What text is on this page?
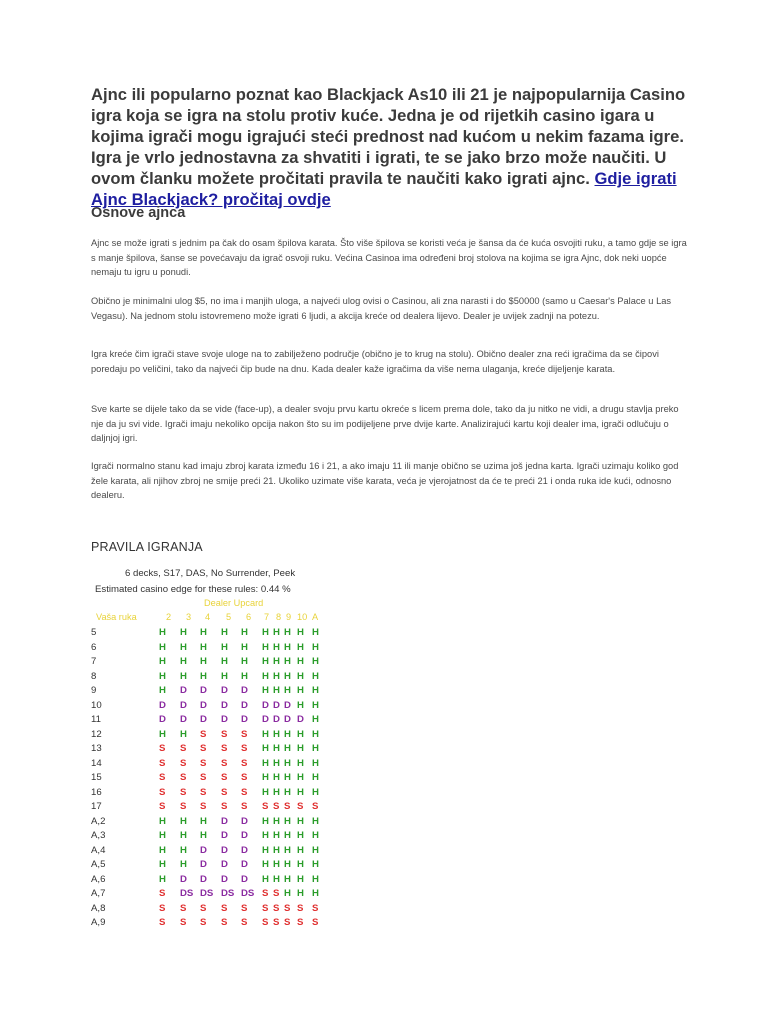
Ajnc ili popularno poznat kao Blackjack As10 ili 21 je najpopularnija Casino igra koja se igra na stolu protiv kuće. Jedna je od rijetkih casino igara u kojima igrači mogu igrajući steći prednost nad kućom u nekim fazama igre. Igra je vrlo jednostavna za shvatiti i igrati, te se jako brzo može naučiti. U ovom članku možete pročitati pravila te naučiti kako igrati ajnc. Gdje igrati Ajnc Blackjack? pročitaj ovdje
Osnove ajnca
Ajnc se može igrati s jednim pa čak do osam špilova karata. Što više špilova se koristi veća je šansa da će kuća osvojiti ruku, a tamo gdje se igra s manje špilova, šanse se povećavaju da igrač osvoji ruku. Većina Casinoa ima određeni broj stolova na kojima se igra Ajnc, dok neki uopće nemaju tu igru u ponudi.
Obično je minimalni ulog $5, no ima i manjih uloga, a najveći ulog ovisi o Casinou, ali zna narasti i do $50000 (samo u Caesar's Palace u Las Vegasu). Na jednom stolu istovremeno može igrati 6 ljudi, a akcija kreće od dealera lijevo. Dealer je uvijek zadnji na potezu.
Igra kreće čim igrači stave svoje uloge na to zabilježeno područje (obično je to krug na stolu). Obično dealer zna reći igračima da se čipovi poredaju po veličini, tako da najveći čip bude na dnu. Kada dealer kaže igračima da više nema ulaganja, kreće dijeljenje karata.
Sve karte se dijele tako da se vide (face-up), a dealer svoju prvu kartu okreće s licem prema dole, tako da ju nitko ne vidi, a drugu stavlja preko nje da ju svi vide. Igrači imaju nekoliko opcija nakon što su im podijeljene prve dvije karte. Analizirajući kartu koji dealer ima, igrači odlučuju o daljnjoj igri.
Igrači normalno stanu kad imaju zbroj karata između 16 i 21, a ako imaju 11 ili manje obično se uzima još jedna karta. Igrači uzimaju koliko god žele karata, ali njihov zbroj ne smije preći 21. Ukoliko uzimate više karata, veća je vjerojatnost da će te preći 21 i onda ruka ide kući, odnosno dealeru.
PRAVILA IGRANJA
6 decks, S17, DAS, No Surrender, Peek
Estimated casino edge for these rules: 0.44 %
Dealer Upcard
Vaša ruka	2 3 4 5 6 7 8 9 10 A
5	H H H H H H H H H H
6	H H H H H H H H H H
7	H H H H H H H H H H
8	H H H H H H H H H H
9	H D D D D H H H H H
10	D D D D D D D D H H
11	D D D D D D D D D H
12	H H S S S H H H H H
13	S S S S S H H H H H
14	S S S S S H H H H H
15	S S S S S H H H H H
16	S S S S S H H H H H
17	S S S S S S S S S S
A,2	H H H D D H H H H H
A,3	H H H D D H H H H H
A,4	H H D D D H H H H H
A,5	H H D D D H H H H H
A,6	H D D D D H H H H H
A,7	S DS DS DS DS S S H H H
A,8	S S S S S S S S S S
A,9	S S S S S S S S S S
